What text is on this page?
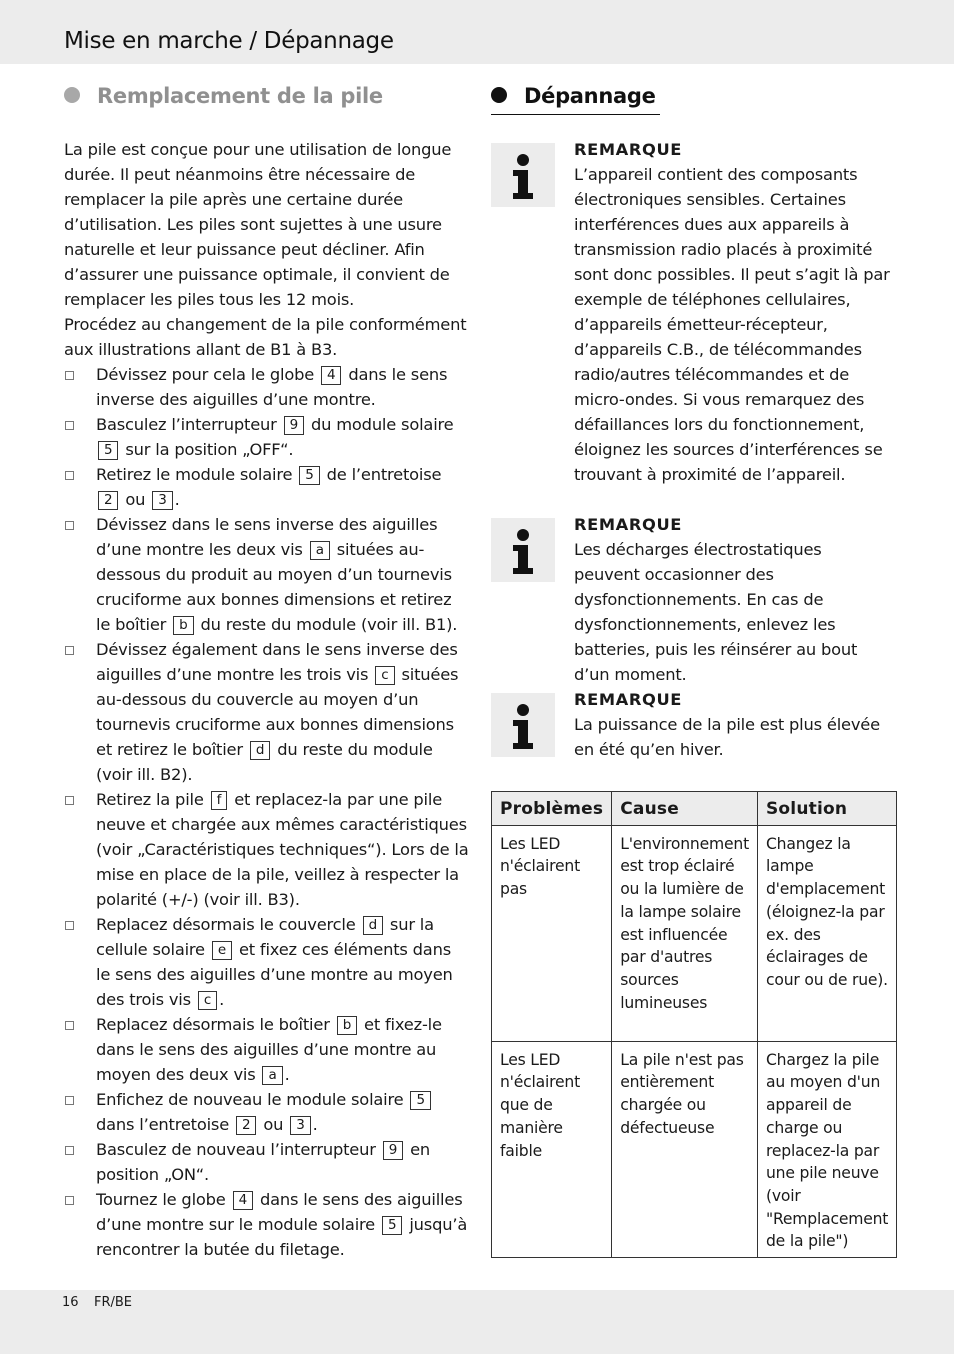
Mise en marche / Dépannage
Remplacement de la pile	Dépannage

La pile est conçue pour une utilisation de longue durée. Il peut néanmoins être nécessaire de remplacer la pile après une certaine durée d’utilisation. Les piles sont sujettes à une usure naturelle et leur puissance peut décliner. Afin d’assurer une puissance optimale, il convient de remplacer les piles tous les 12 mois.

Procédez au changement de la pile conformément aux illustrations allant de B1 à B3.

Dévissez pour cela le globe 4 dans le sens inverse des aiguilles d’une montre.
Basculez l’interrupteur 9 du module solaire 5 sur la position „OFF“.
Retirez le module solaire 5 de l’entretoise 2 ou 3 .
Dévissez dans le sens inverse des aiguilles d’une montre les deux vis a situées au-dessous du produit au moyen d’un tournevis cruciforme aux bonnes dimensions et retirez le boîtier b du reste du module (voir ill. B1).
Dévissez également dans le sens inverse des aiguilles d’une montre les trois vis c situées au-dessous du couvercle au moyen d’un tournevis cruciforme aux bonnes dimensions et retirez le boîtier d du reste du module (voir ill. B2).
Retirez la pile f et replacez-la par une pile neuve et chargée aux mêmes caractéristiques (voir „Caractéristiques techniques“). Lors de la mise en place de la pile, veillez à respecter la polarité (+/-) (voir ill. B3).
Replacez désormais le couvercle d sur la cellule solaire e et fixez ces éléments dans le sens des aiguilles d’une montre au moyen des trois vis c .
Replacez désormais le boîtier b et fixez-le dans le sens des aiguilles d’une montre au moyen des deux vis a .
Enfichez de nouveau le module solaire 5 dans l’entretoise 2 ou 3 .
Basculez de nouveau l’interrupteur 9 en position „ON“.
Tournez le globe 4 dans le sens des aiguilles d’une montre sur le module solaire 5 jusqu’à rencontrer la butée du filetage.
REMARQUE
L’appareil contient des composants électroniques sensibles. Certaines interférences dues aux appareils à transmission radio placés à proximité sont donc possibles. Il peut s’agit là par exemple de téléphones cellulaires, d’appareils émetteur-récepteur, d’appareils C.B., de télécommandes radio/autres télécommandes et de micro-ondes. Si vous remarquez des défaillances lors du fonctionnement, éloignez les sources d’interférences se trouvant à proximité de l’appareil.
REMARQUE
Les décharges électrostatiques peuvent occasionner des dysfonctionnements. En cas de dysfonctionnements, enlevez les batteries, puis les réinsérer au bout d’un moment.
REMARQUE
La puissance de la pile est plus élevée en été qu’en hiver.
Problèmes	Cause	Solution
Les LED n'éclairent pas	L'environnement est trop éclairé ou la lumière de la lampe solaire est influencée par d'autres sources lumineuses	Changez la lampe d'emplacement (éloignez-la par ex. des éclairages de cour ou de rue).
Les LED n'éclairent que de manière faible	La pile n'est pas entièrement chargée ou défectueuse	Chargez la pile au moyen d'un appareil de charge ou replacez-la par une pile neuve (voir "Remplacement de la pile")
16 FR/BE
